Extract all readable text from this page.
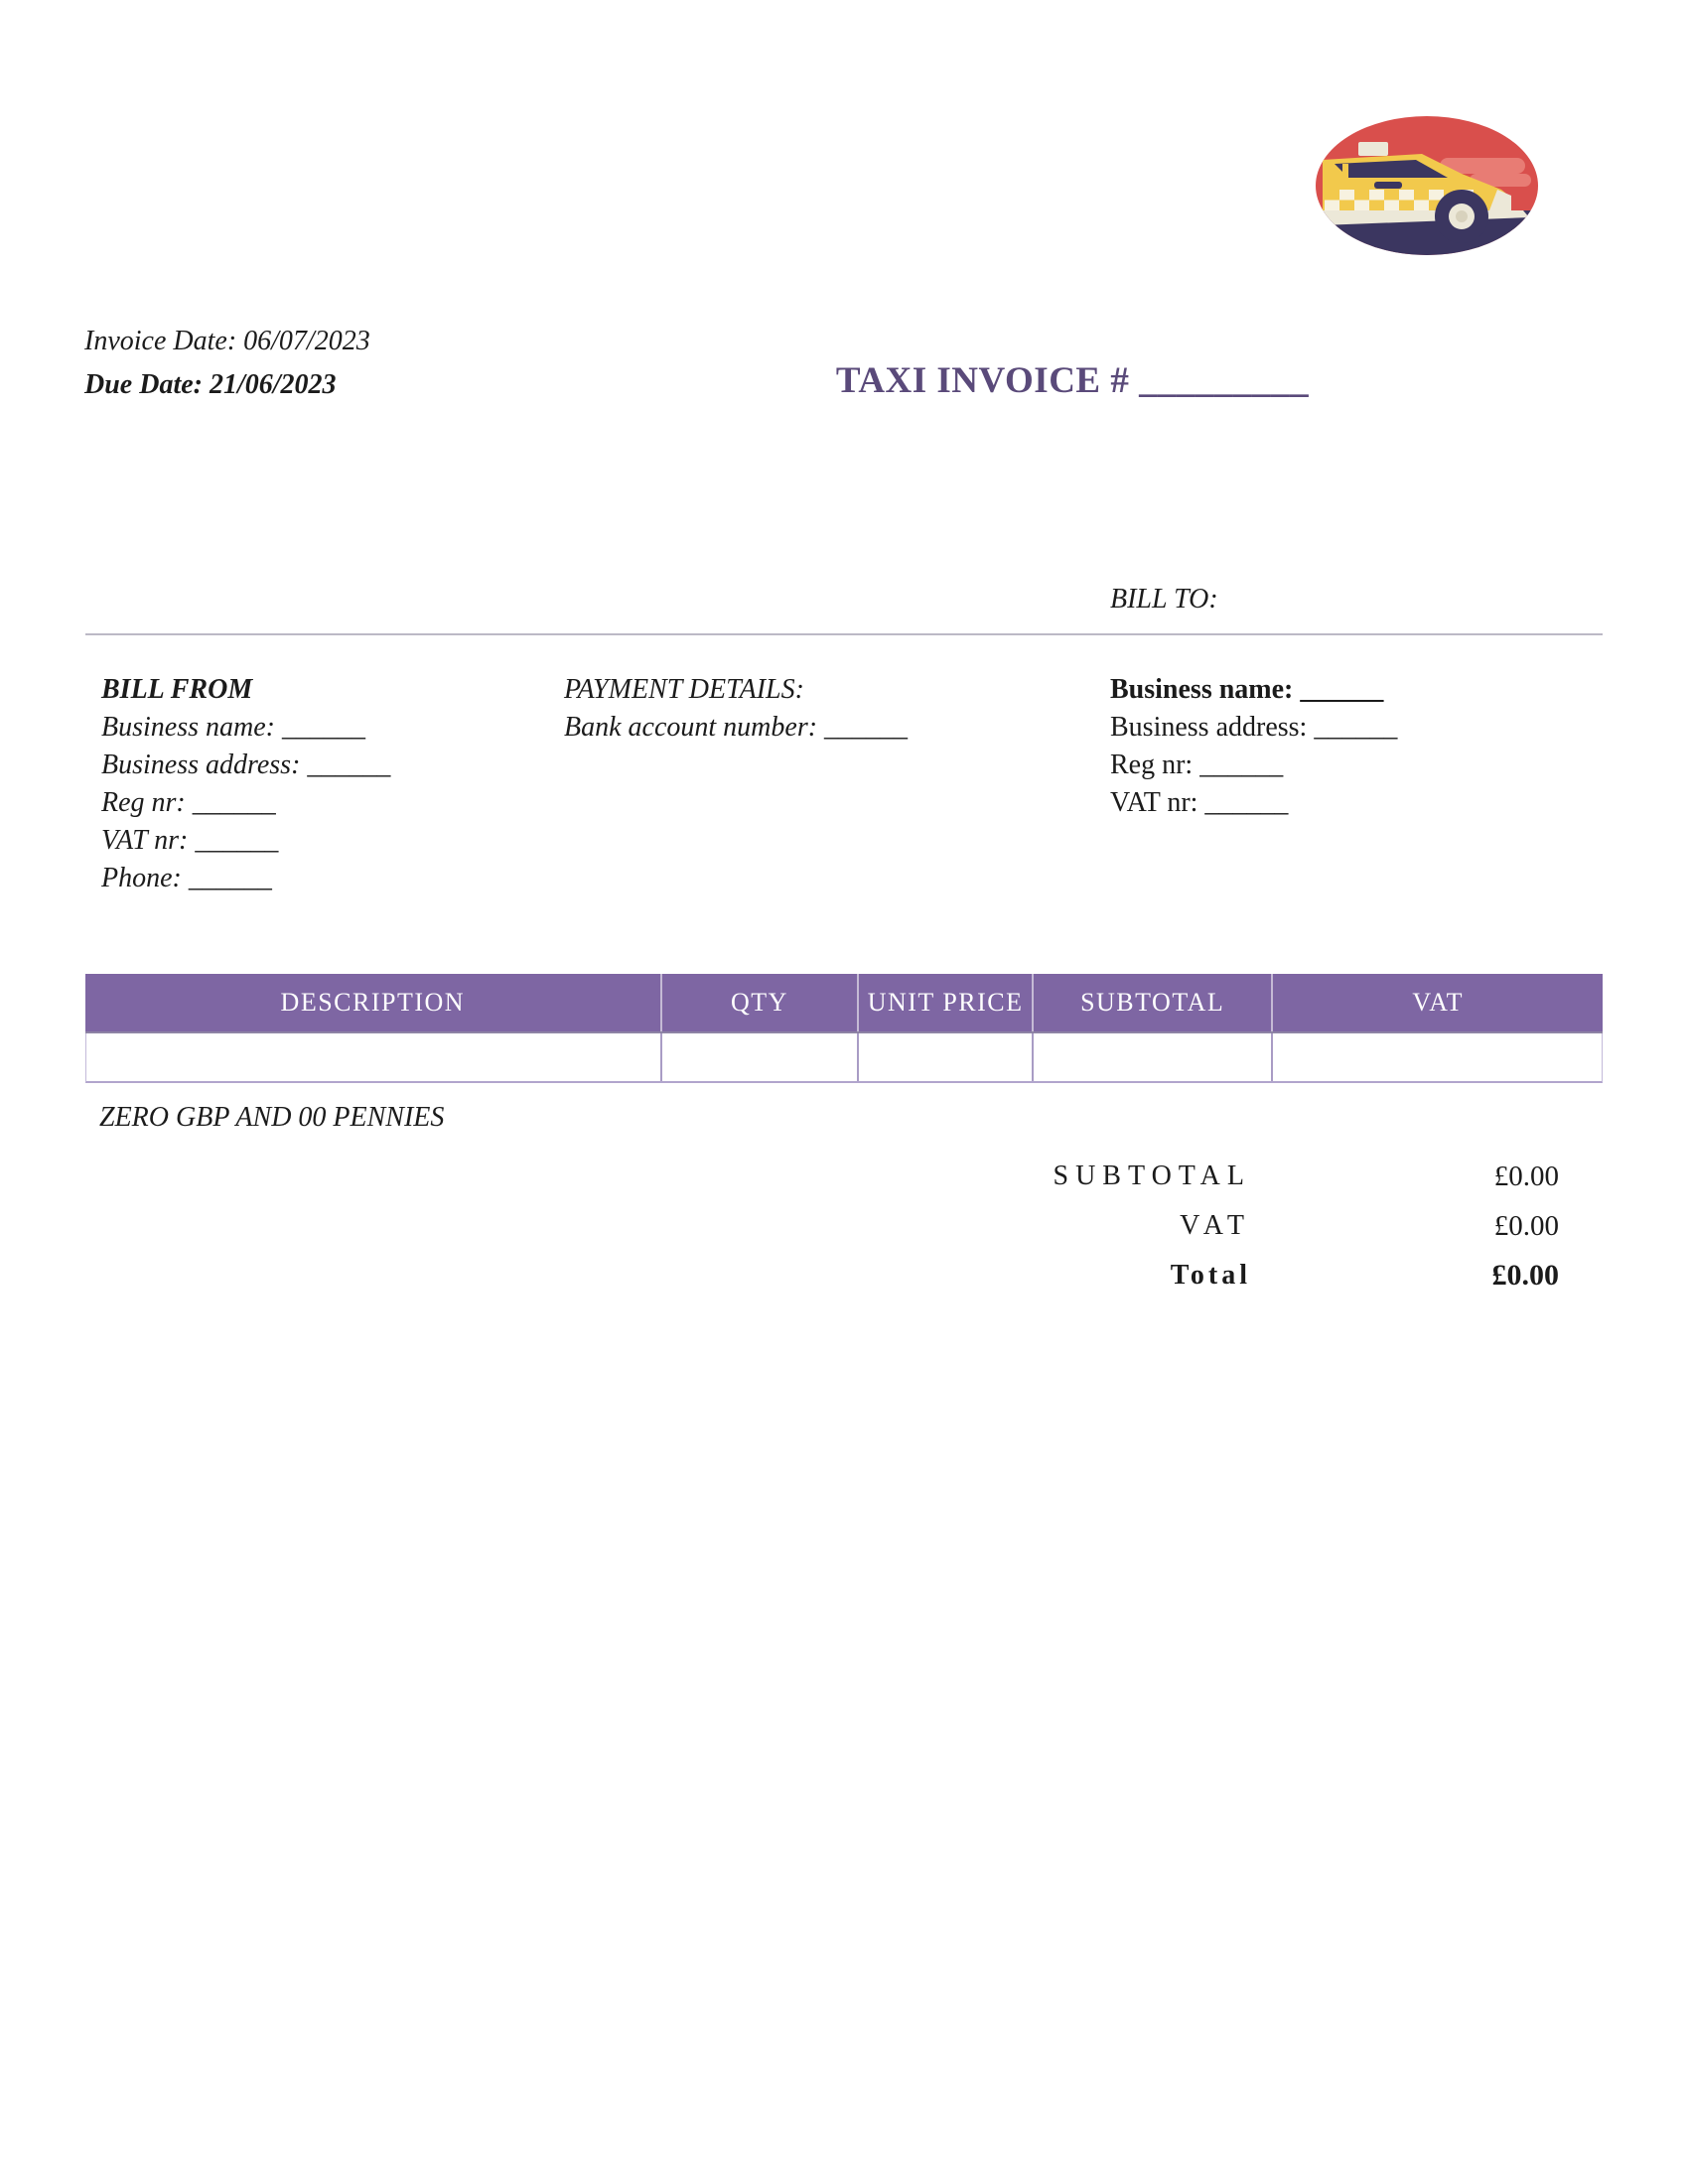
Invoice Date: 06/07/2023
Due Date: 21/06/2023	TAXI INVOICE # _________
BILL TO:
BILL FROM
Business name: ______
Business address: ______
Reg nr: ______
VAT nr: ______
Phone: ______
PAYMENT DETAILS:
Bank account number: ______
Business name: ______
Business address: ______
Reg nr: ______
VAT nr: ______
DESCRIPTION	QTY	UNIT PRICE	SUBTOTAL	VAT
ZERO GBP AND 00 PENNIES
SUBTOTAL	£0.00
VAT	£0.00
Total	£0.00
